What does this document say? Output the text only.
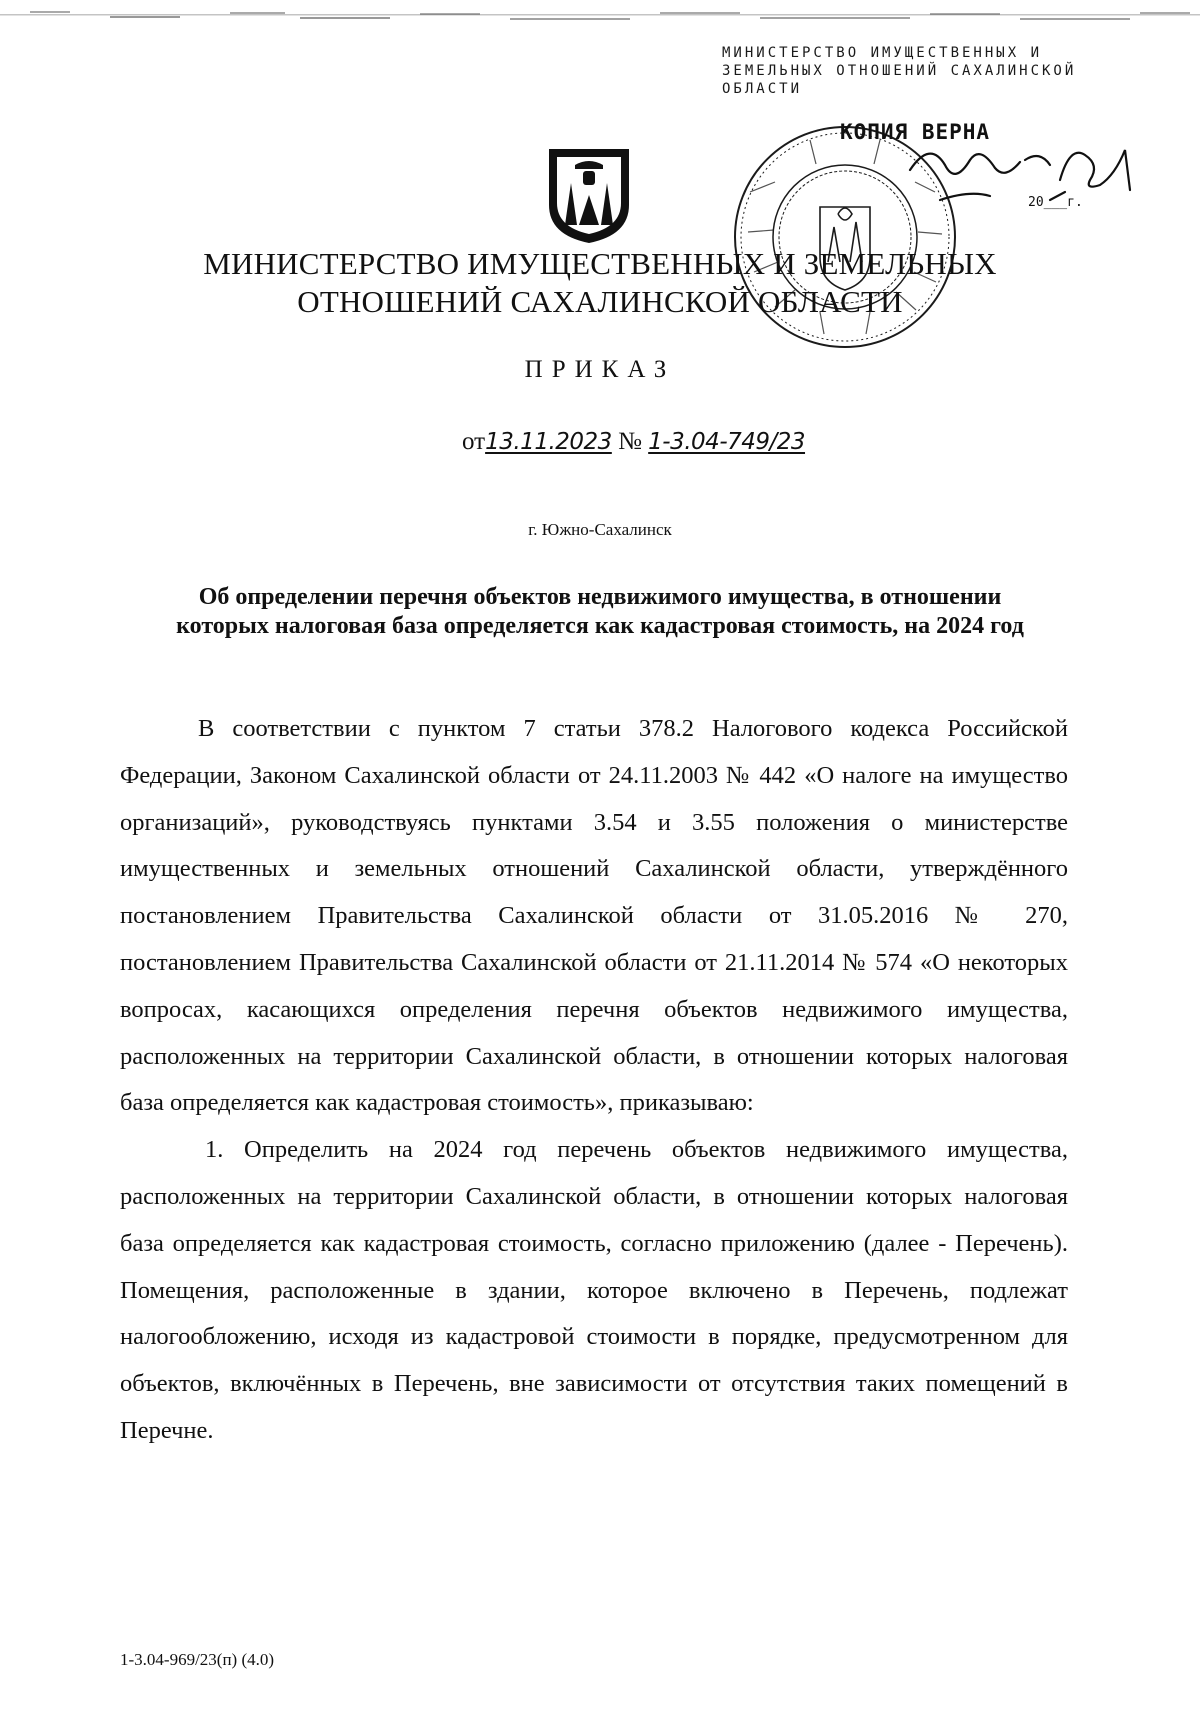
МИНИСТЕРСТВО ИМУЩЕСТВЕННЫХ И
ЗЕМЕЛЬНЫХ ОТНОШЕНИЙ САХАЛИНСКОЙ
ОБЛАСТИ
КОПИЯ ВЕРНА
20___г.
МИНИСТЕРСТВО ИМУЩЕСТВЕННЫХ И ЗЕМЕЛЬНЫХ
ОТНОШЕНИЙ САХАЛИНСКОЙ ОБЛАСТИ
ПРИКАЗ
от13.11.2023 № 1-3.04-749/23
г. Южно-Сахалинск
Об определении перечня объектов недвижимого имущества, в отношении которых налоговая база определяется как кадастровая стоимость, на 2024 год

В соответствии с пунктом 7 статьи 378.2 Налогового кодекса Российской Федерации, Законом Сахалинской области от 24.11.2003 № 442 «О налоге на имущество организаций», руководствуясь пунктами 3.54 и 3.55 положения о министерстве имущественных и земельных отношений Сахалинской области, утверждённого постановлением Правительства Сахалинской области от 31.05.2016 № 270, постановлением Правительства Сахалинской области от 21.11.2014 № 574 «О некоторых вопросах, касающихся определения перечня объектов недвижимого имущества, расположенных на территории Сахалинской области, в отношении которых налоговая база определяется как кадастровая стоимость», приказываю:

1. Определить на 2024 год перечень объектов недвижимого имущества, расположенных на территории Сахалинской области, в отношении которых налоговая база определяется как кадастровая стоимость, согласно приложению (далее - Перечень). Помещения, расположенные в здании, которое включено в Перечень, подлежат налогообложению, исходя из кадастровой стоимости в порядке, предусмотренном для объектов, включённых в Перечень, вне зависимости от отсутствия таких помещений в Перечне.

1-3.04-969/23(п) (4.0)
